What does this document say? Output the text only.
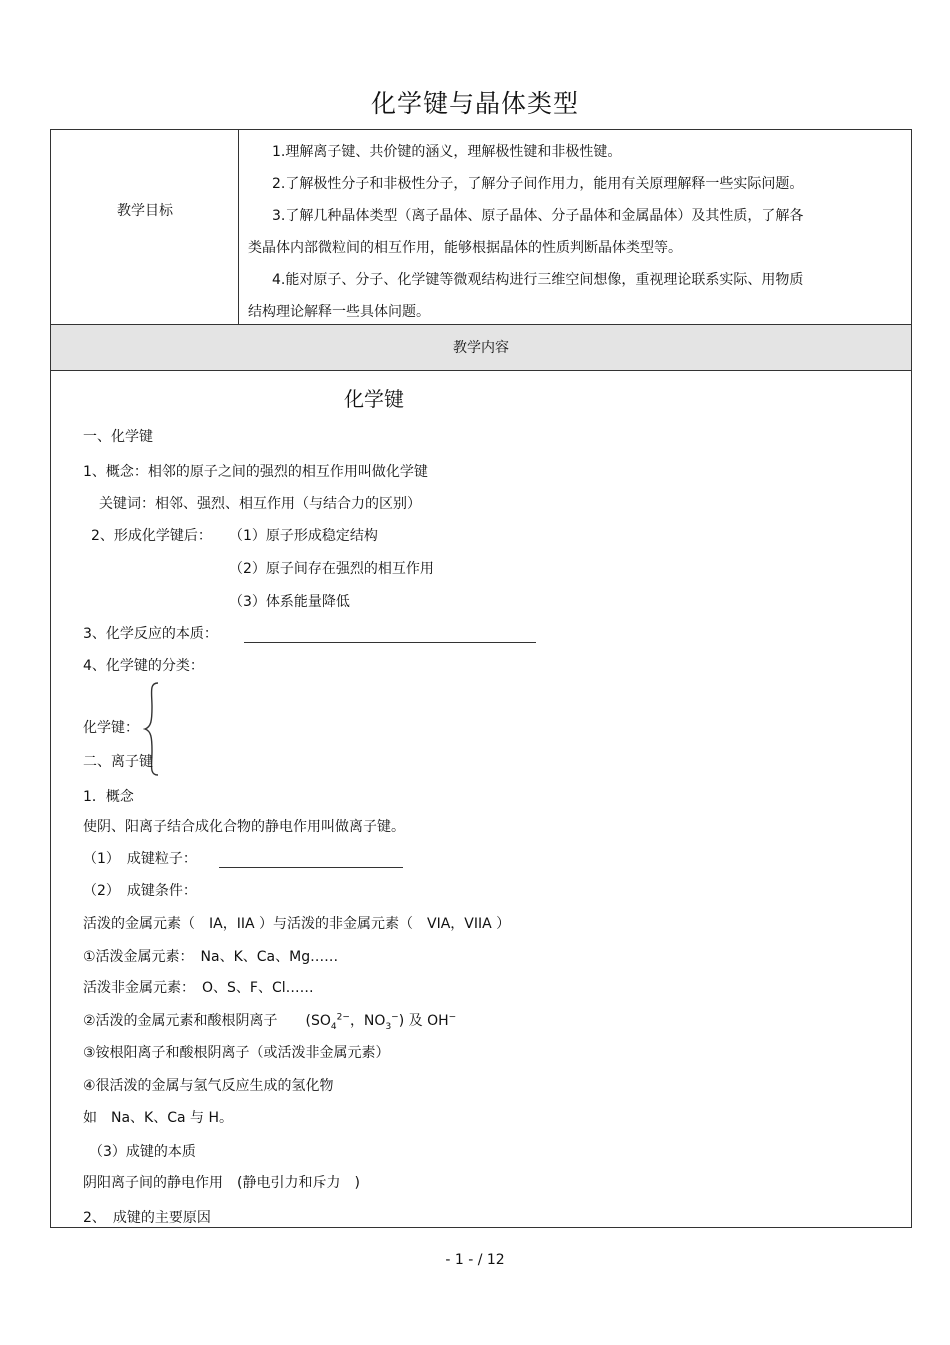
化学键与晶体类型
教学目标

1.理解离子键、共价键的涵义，理解极性键和非极性键。

2.了解极性分子和非极性分子，了解分子间作用力，能用有关原理解释一些实际问题。

3.了解几种晶体类型（离子晶体、原子晶体、分子晶体和金属晶体）及其性质，了解各

类晶体内部微粒间的相互作用，能够根据晶体的性质判断晶体类型等。

4.能对原子、分子、化学键等微观结构进行三维空间想像，重视理论联系实际、用物质

结构理论解释一些具体问题。

教学内容
化学键
一、化学键
1、概念：相邻的原子之间的强烈的相互作用叫做化学键
关键词：相邻、强烈、相互作用（与结合力的区别）
2、形成化学键后： （1）原子形成稳定结构
（2）原子间存在强烈的相互作用
（3）体系能量降低
3、化学反应的本质：
4、化学键的分类：
化学键：
二、离子键
1．概念
使阴、阳离子结合成化合物的静电作用叫做离子键。
（1）　成键粒子：
（2）　成键条件：
活泼的金属元素（　IA，IIA ）与活泼的非金属元素（　VIA，VIIA ）
①活泼金属元素：　Na、K、Ca、Mg……
活泼非金属元素：　O、S、F、Cl……
②活泼的金属元素和酸根阴离子　　($SO_4^{2-}$，$NO_3^-$) 及 OH−
③铵根阳离子和酸根阴离子（或活泼非金属元素）
④很活泼的金属与氢气反应生成的氢化物
如　Na、K、Ca 与 H。
（3）成键的本质
阴阳离子间的静电作用　(静电引力和斥力　)
2、　成键的主要原因
- 1 - / 12
